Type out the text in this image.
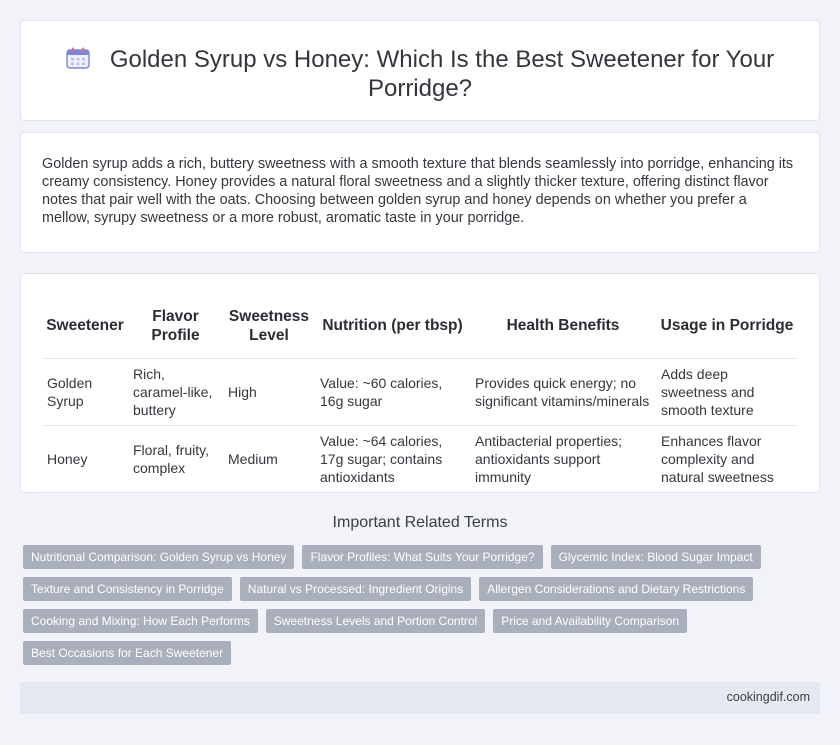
Golden Syrup vs Honey: Which Is the Best Sweetener for Your Porridge?

Golden syrup adds a rich, buttery sweetness with a smooth texture that blends seamlessly into porridge, enhancing its creamy consistency. Honey provides a natural floral sweetness and a slightly thicker texture, offering distinct flavor notes that pair well with the oats. Choosing between golden syrup and honey depends on whether you prefer a mellow, syrupy sweetness or a more robust, aromatic taste in your porridge.

Sweetener	Flavor Profile	Sweetness Level	Nutrition (per tbsp)	Health Benefits	Usage in Porridge
Golden Syrup	Rich, caramel-like, buttery	High	Value: ~60 calories, 16g sugar	Provides quick energy; no significant vitamins/minerals	Adds deep sweetness and smooth texture
Honey	Floral, fruity, complex	Medium	Value: ~64 calories, 17g sugar; contains antioxidants	Antibacterial properties; antioxidants support immunity	Enhances flavor complexity and natural sweetness
Important Related Terms
Nutritional Comparison: Golden Syrup vs Honey	Flavor Profiles: What Suits Your Porridge?	Glycemic Index: Blood Sugar Impact
Texture and Consistency in Porridge	Natural vs Processed: Ingredient Origins	Allergen Considerations and Dietary Restrictions
Cooking and Mixing: How Each Performs	Sweetness Levels and Portion Control	Price and Availability Comparison
Best Occasions for Each Sweetener
cookingdif.com
